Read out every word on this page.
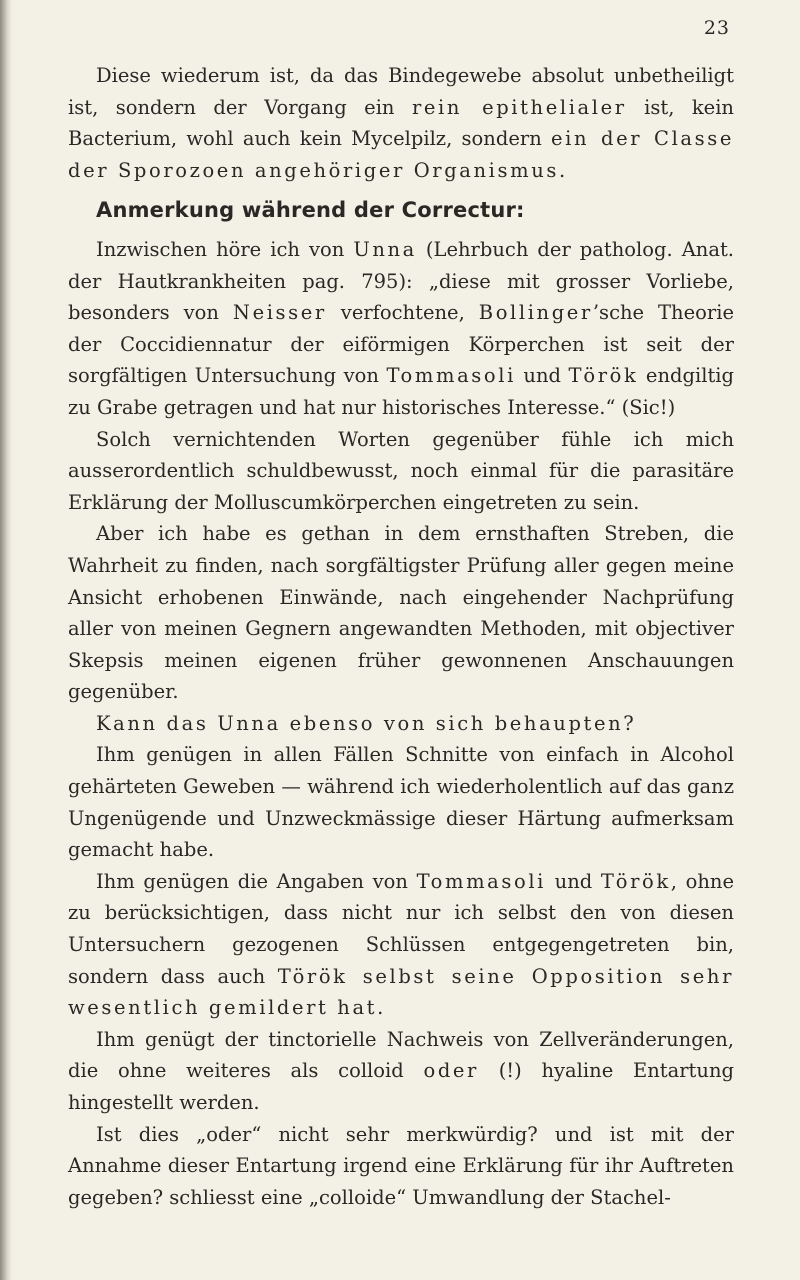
23

Diese wiederum ist, da das Bindegewebe absolut unbetheiligt ist, sondern der Vorgang ein rein epithelialer ist, kein Bacterium, wohl auch kein Mycelpilz, sondern ein der Classe der Sporozoen angehöriger Organismus.

Anmerkung während der Correctur:

Inzwischen höre ich von Unna (Lehrbuch der patholog. Anat. der Hautkrankheiten pag. 795): „diese mit grosser Vorliebe, besonders von Neisser verfochtene, Bollinger’sche Theorie der Coccidiennatur der eiförmigen Körperchen ist seit der sorgfältigen Untersuchung von Tommasoli und Török endgiltig zu Grabe getragen und hat nur historisches Interesse.“ (Sic!)

Solch vernichtenden Worten gegenüber fühle ich mich ausserordentlich schuldbewusst, noch einmal für die parasitäre Erklärung der Molluscumkörperchen eingetreten zu sein.

Aber ich habe es gethan in dem ernsthaften Streben, die Wahrheit zu finden, nach sorgfältigster Prüfung aller gegen meine Ansicht erhobenen Einwände, nach eingehender Nachprüfung aller von meinen Gegnern angewandten Methoden, mit objectiver Skepsis meinen eigenen früher gewonnenen Anschauungen gegenüber.

Kann das Unna ebenso von sich behaupten?

Ihm genügen in allen Fällen Schnitte von einfach in Alcohol gehärteten Geweben — während ich wiederholentlich auf das ganz Ungenügende und Unzweckmässige dieser Härtung aufmerksam gemacht habe.

Ihm genügen die Angaben von Tommasoli und Török, ohne zu berücksichtigen, dass nicht nur ich selbst den von diesen Untersuchern gezogenen Schlüssen entgegengetreten bin, sondern dass auch Török selbst seine Opposition sehr wesentlich gemildert hat.

Ihm genügt der tinctorielle Nachweis von Zellveränderungen, die ohne weiteres als colloid oder (!) hyaline Entartung hingestellt werden.

Ist dies „oder“ nicht sehr merkwürdig? und ist mit der Annahme dieser Entartung irgend eine Erklärung für ihr Auftreten gegeben? schliesst eine „colloide“ Umwandlung der Stachel-
